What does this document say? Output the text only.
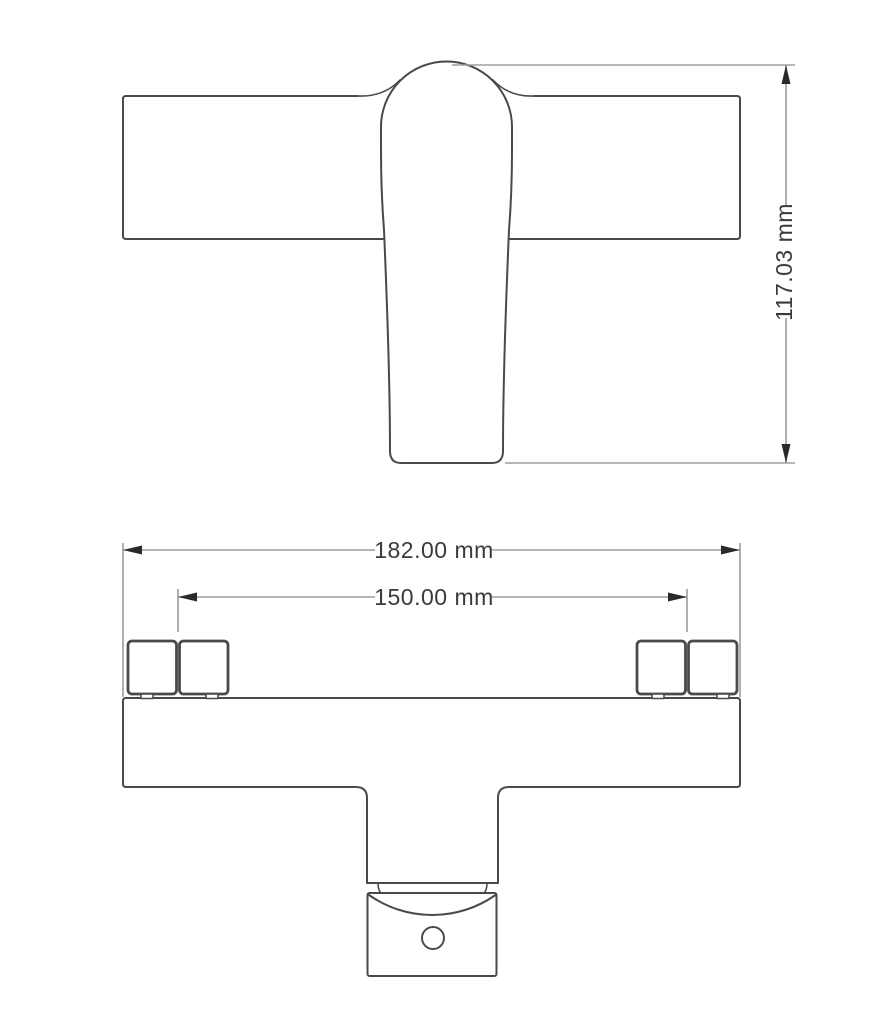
117.03 mm
182.00 mm
150.00 mm
